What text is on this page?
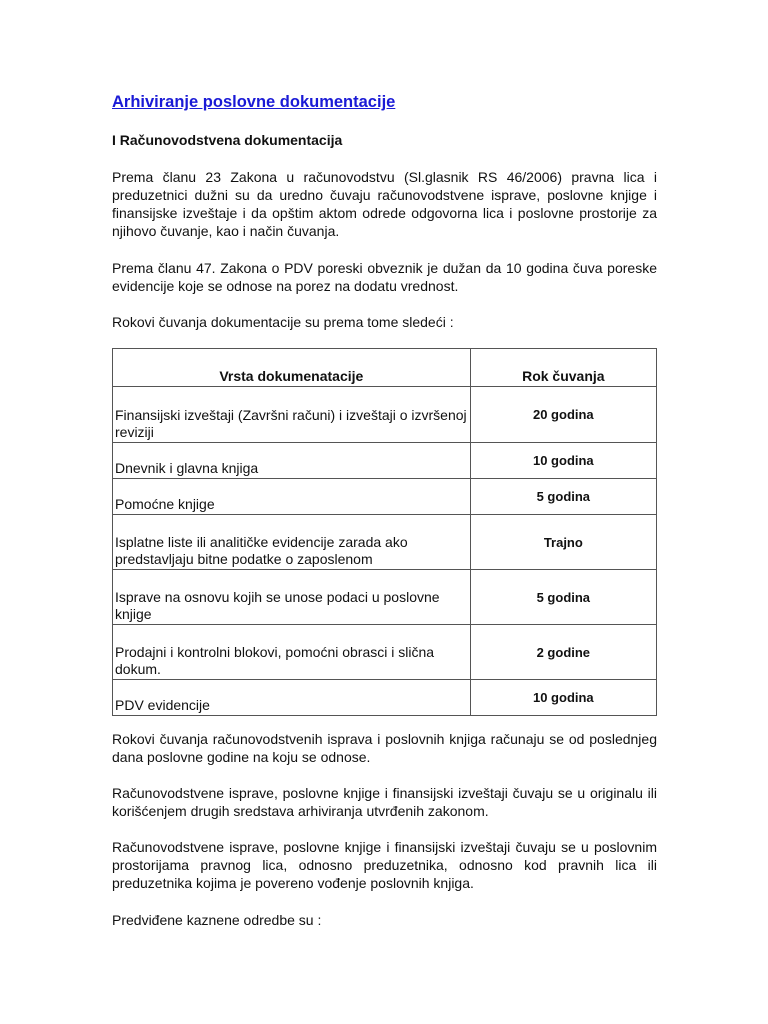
Arhiviranje poslovne dokumentacije
I Računovodstvena dokumentacija

Prema članu 23 Zakona u računovodstvu (Sl.glasnik RS 46/2006) pravna lica i preduzetnici dužni su da uredno čuvaju računovodstvene isprave, poslovne knjige i finansijske izveštaje i da opštim aktom odrede odgovorna lica i poslovne prostorije za njihovo čuvanje, kao i način čuvanja.

Prema članu 47. Zakona o PDV poreski obveznik je dužan da 10 godina čuva poreske evidencije koje se odnose na porez na dodatu vrednost.

Rokovi čuvanja dokumentacije su prema tome sledeći :

Vrsta dokumenatacije	Rok čuvanja
Finansijski izveštaji (Završni računi) i izveštaji o izvršenoj reviziji	20 godina
Dnevnik i glavna knjiga	10 godina
Pomoćne knjige	5 godina
Isplatne liste ili analitičke evidencije zarada ako predstavljaju bitne podatke o zaposlenom	Trajno
Isprave na osnovu kojih se unose podaci u poslovne knjige	5 godina
Prodajni i kontrolni blokovi, pomoćni obrasci i slična dokum.	2 godine
PDV evidencije	10 godina

Rokovi čuvanja računovodstvenih isprava i poslovnih knjiga računaju se od poslednjeg dana poslovne godine na koju se odnose.

Računovodstvene isprave, poslovne knjige i finansijski izveštaji čuvaju se u originalu ili korišćenjem drugih sredstava arhiviranja utvrđenih zakonom.

Računovodstvene isprave, poslovne knjige i finansijski izveštaji čuvaju se u poslovnim prostorijama pravnog lica, odnosno preduzetnika, odnosno kod pravnih lica ili preduzetnika kojima je povereno vođenje poslovnih knjiga.

Predviđene kaznene odredbe su :
